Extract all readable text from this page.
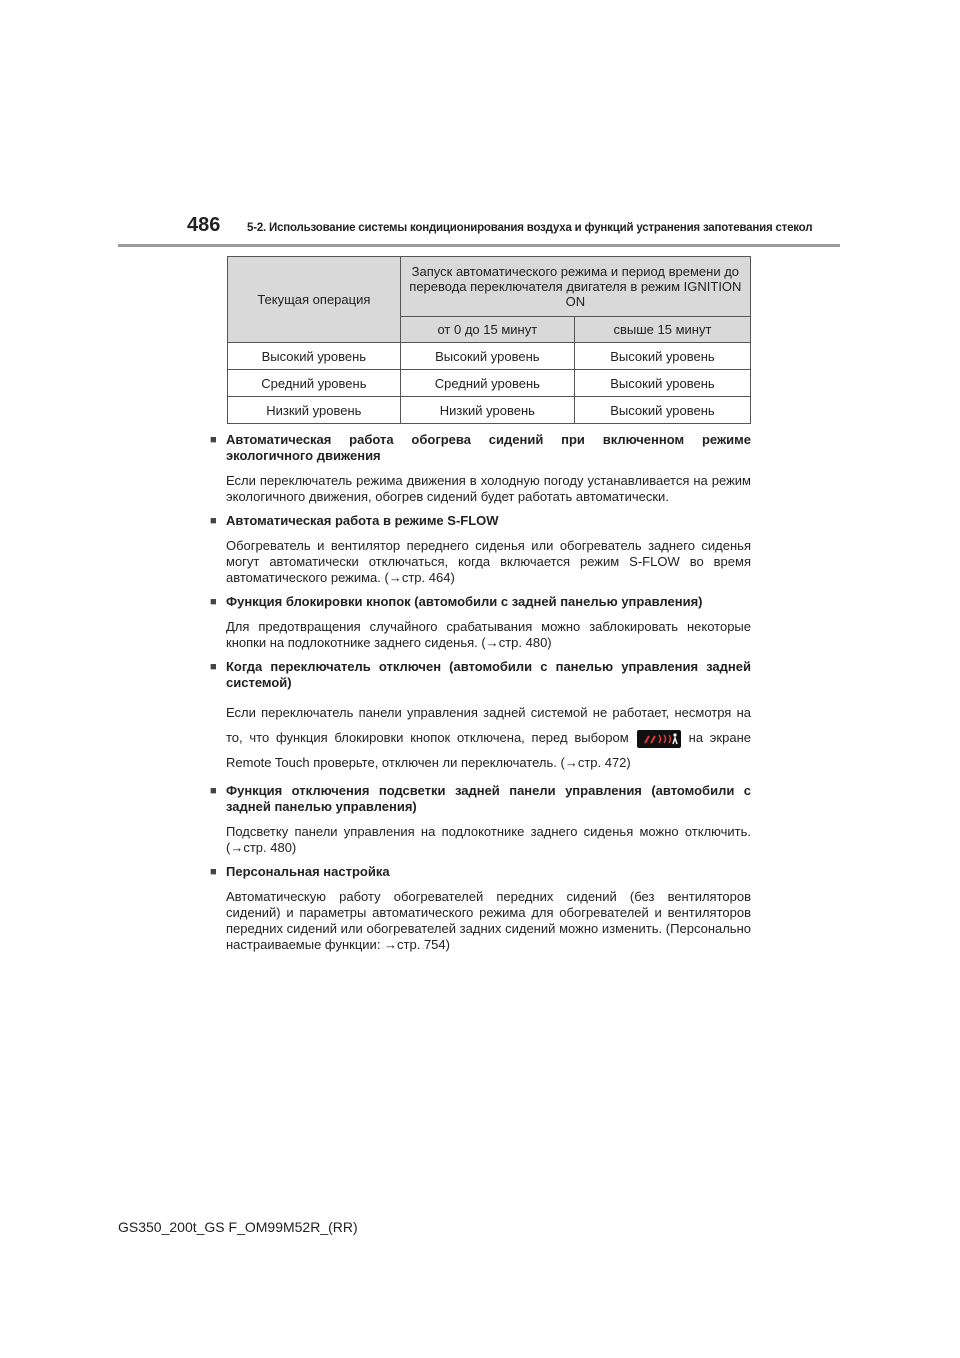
486 5-2. Использование системы кондиционирования воздуха и функций устранения запотевания стекол
Текущая операция	Запуск автоматического режима и период времени до перевода переключателя двигателя в режим IGNITION ON	
	от 0 до 15 минут	свыше 15 минут
Высокий уровень	Высокий уровень	Высокий уровень
Средний уровень	Средний уровень	Высокий уровень
Низкий уровень	Низкий уровень	Высокий уровень
■ Автоматическая работа обогрева сидений при включенном режиме экологичного движения
Если переключатель режима движения в холодную погоду устанавливается на режим экологичного движения, обогрев сидений будет работать автоматически.
■ Автоматическая работа в режиме S-FLOW
Обогреватель и вентилятор переднего сиденья или обогреватель заднего сиденья могут автоматически отключаться, когда включается режим S-FLOW во время автоматического режима. (→стр. 464)
■ Функция блокировки кнопок (автомобили с задней панелью управления)
Для предотвращения случайного срабатывания можно заблокировать некоторые кнопки на подлокотнике заднего сиденья. (→стр. 480)
■ Когда переключатель отключен (автомобили с панелью управления задней системой)
Если переключатель панели управления задней системой не работает, несмотря на то, что функция блокировки кнопок отключена, перед выбором	на экране Remote Touch проверьте, отключен ли переключатель. (→стр. 472)
■ Функция отключения подсветки задней панели управления (автомобили с задней панелью управления)
Подсветку панели управления на подлокотнике заднего сиденья можно отключить. (→стр. 480)
■ Персональная настройка
Автоматическую работу обогревателей передних сидений (без вентиляторов сидений) и параметры автоматического режима для обогревателей и вентиляторов передних сидений или обогревателей задних сидений можно изменить. (Персонально настраиваемые функции: →стр. 754)
GS350_200t_GS F_OM99M52R_(RR)
